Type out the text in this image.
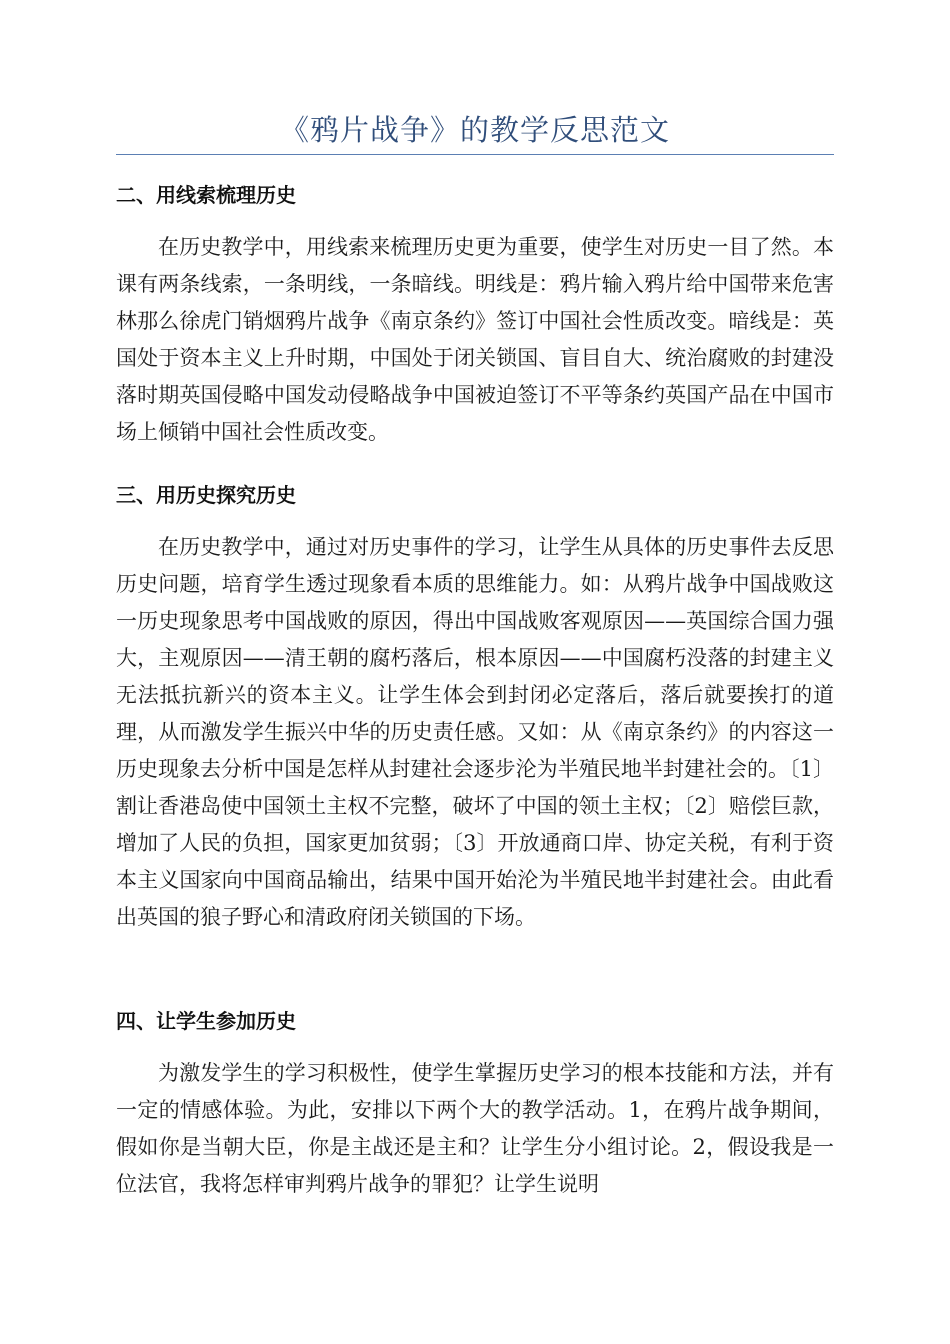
《鸦片战争》的教学反思范文
二、用线索梳理历史

在历史教学中，用线索来梳理历史更为重要，使学生对历史一目了然。本课有两条线索，一条明线，一条暗线。明线是：鸦片输入鸦片给中国带来危害林那么徐虎门销烟鸦片战争《南京条约》签订中国社会性质改变。暗线是：英国处于资本主义上升时期，中国处于闭关锁国、盲目自大、统治腐败的封建没落时期英国侵略中国发动侵略战争中国被迫签订不平等条约英国产品在中国市场上倾销中国社会性质改变。

三、用历史探究历史

在历史教学中，通过对历史事件的学习，让学生从具体的历史事件去反思历史问题，培育学生透过现象看本质的思维能力。如：从鸦片战争中国战败这一历史现象思考中国战败的原因，得出中国战败客观原因——英国综合国力强大，主观原因——清王朝的腐朽落后，根本原因——中国腐朽没落的封建主义无法抵抗新兴的资本主义。让学生体会到封闭必定落后，落后就要挨打的道理，从而激发学生振兴中华的历史责任感。又如：从《南京条约》的内容这一历史现象去分析中国是怎样从封建社会逐步沦为半殖民地半封建社会的。〔1〕割让香港岛使中国领土主权不完整，破坏了中国的领土主权；〔2〕赔偿巨款，增加了人民的负担，国家更加贫弱；〔3〕开放通商口岸、协定关税，有利于资本主义国家向中国商品输出，结果中国开始沦为半殖民地半封建社会。由此看出英国的狼子野心和清政府闭关锁国的下场。

四、让学生参加历史

为激发学生的学习积极性，使学生掌握历史学习的根本技能和方法，并有一定的情感体验。为此，安排以下两个大的教学活动。1，在鸦片战争期间，假如你是当朝大臣，你是主战还是主和？让学生分小组讨论。2，假设我是一位法官，我将怎样审判鸦片战争的罪犯？让学生说明
